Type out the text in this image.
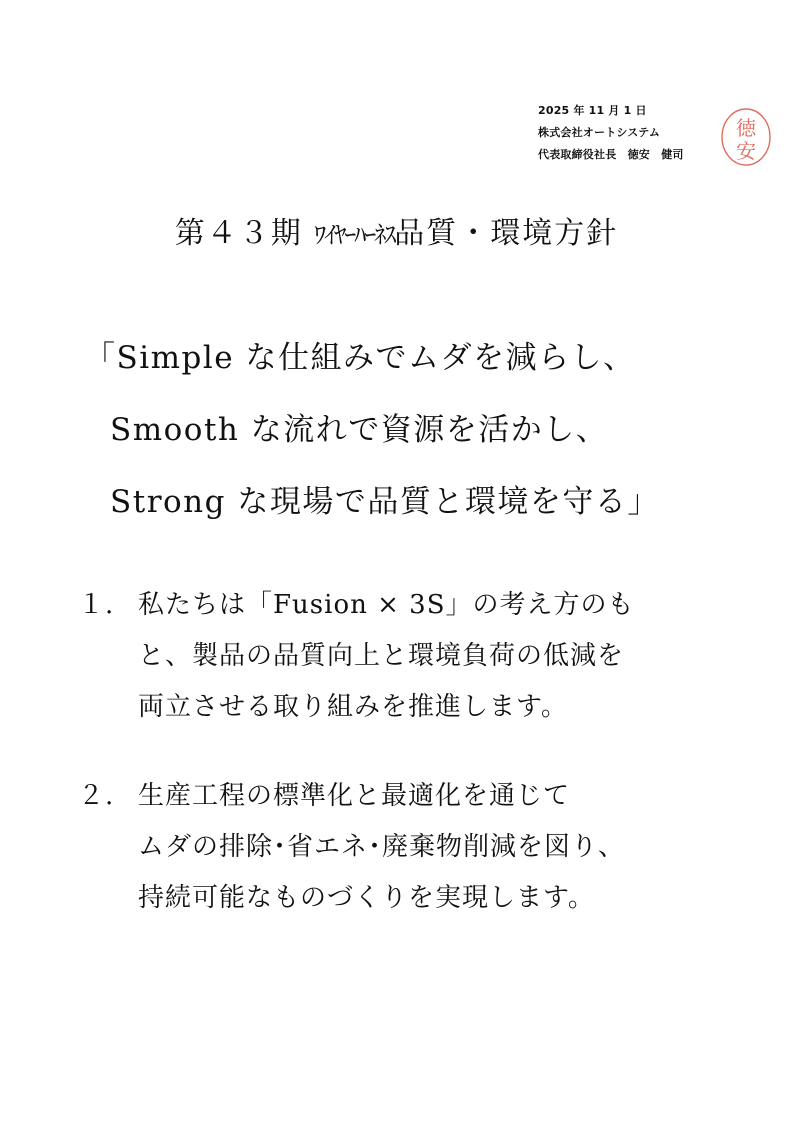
2025 年 11 月 1 日
株式会社オートシステム
代表取締役社長　徳安　健司
徳
安
第４３期 ﾜｲﾔｰﾊｰﾈｽ品質・環境方針
「Simple な仕組みでムダを減らし、
Smooth な流れで資源を活かし、
Strong な現場で品質と環境を守る」
１. 私たちは「Fusion × 3S」の考え方のも
と、製品の品質向上と環境負荷の低減を
両立させる取り組みを推進します。
２. 生産工程の標準化と最適化を通じて
ムダの排除･省エネ･廃棄物削減を図り、
持続可能なものづくりを実現します。
